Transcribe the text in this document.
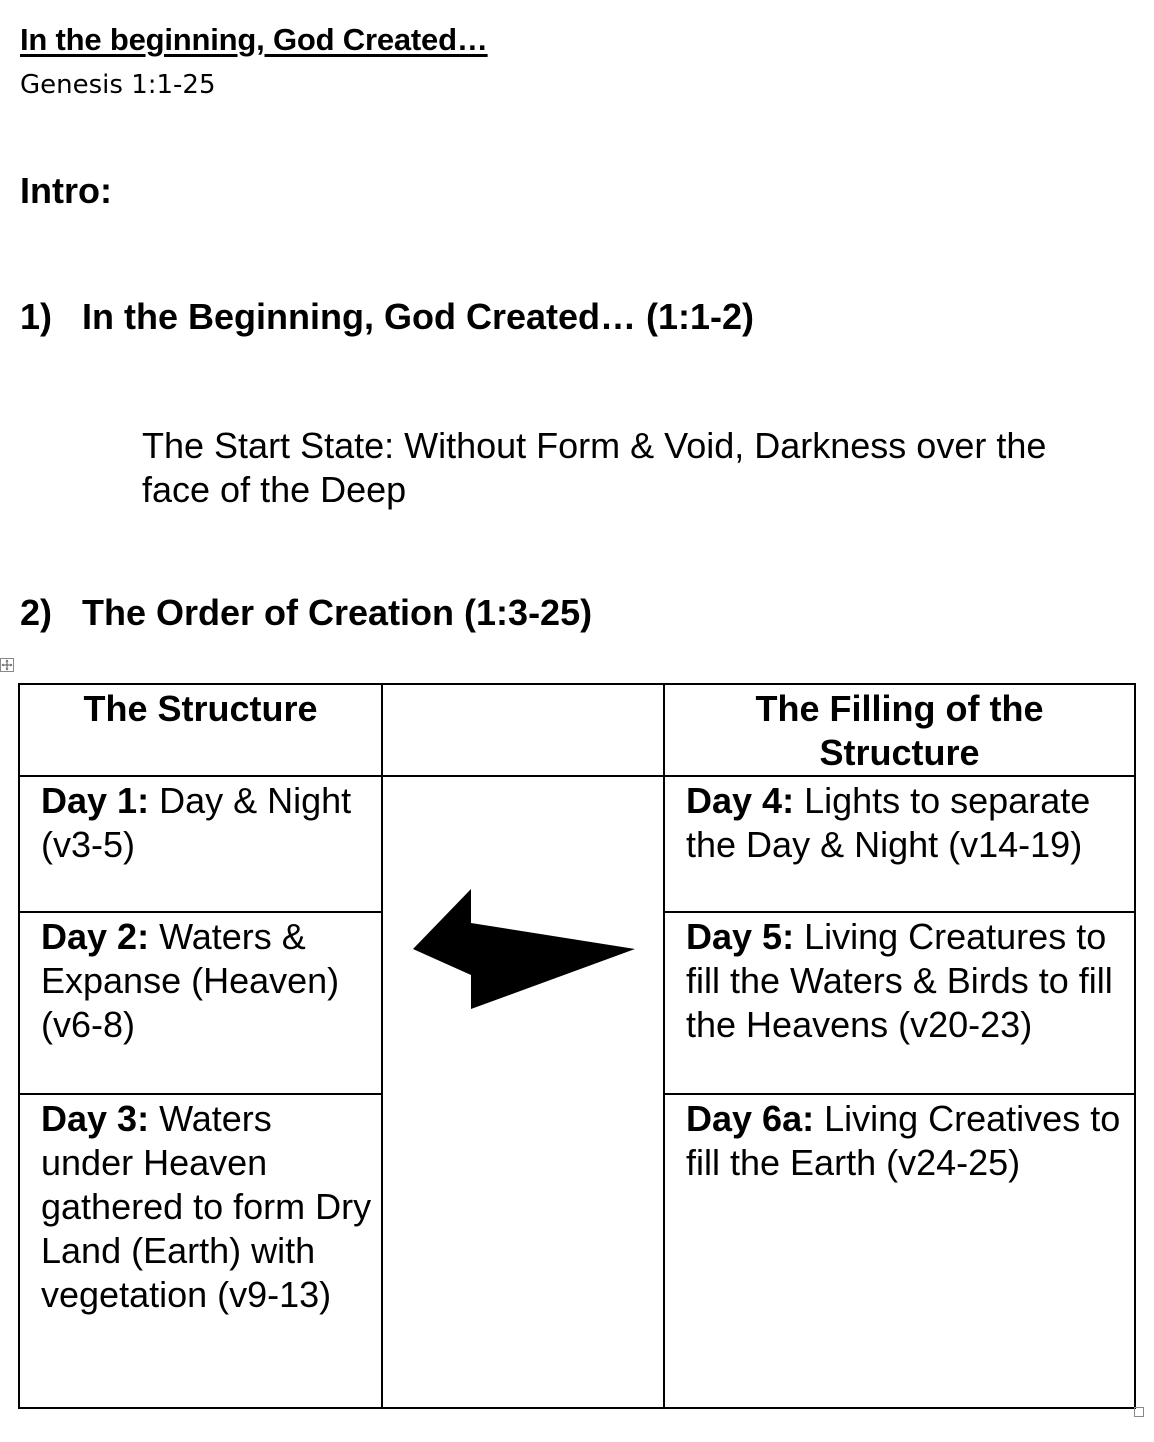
In the beginning, God Created…
Genesis 1:1-25
Intro:
1) In the Beginning, God Created… (1:1-2)
The Start State: Without Form & Void, Darkness over the face of the Deep
2) The Order of Creation (1:3-25)
The Structure		The Filling of the Structure
Day 1: Day & Night (v3-5)		Day 4: Lights to separate the Day & Night (v14-19)
Day 2: Waters & Expanse (Heaven) (v6-8)		Day 5: Living Creatures to fill the Waters & Birds to fill the Heavens (v20-23)
Day 3: Waters under Heaven gathered to form Dry Land (Earth) with vegetation (v9-13)		Day 6a: Living Creatives to fill the Earth (v24-25)
